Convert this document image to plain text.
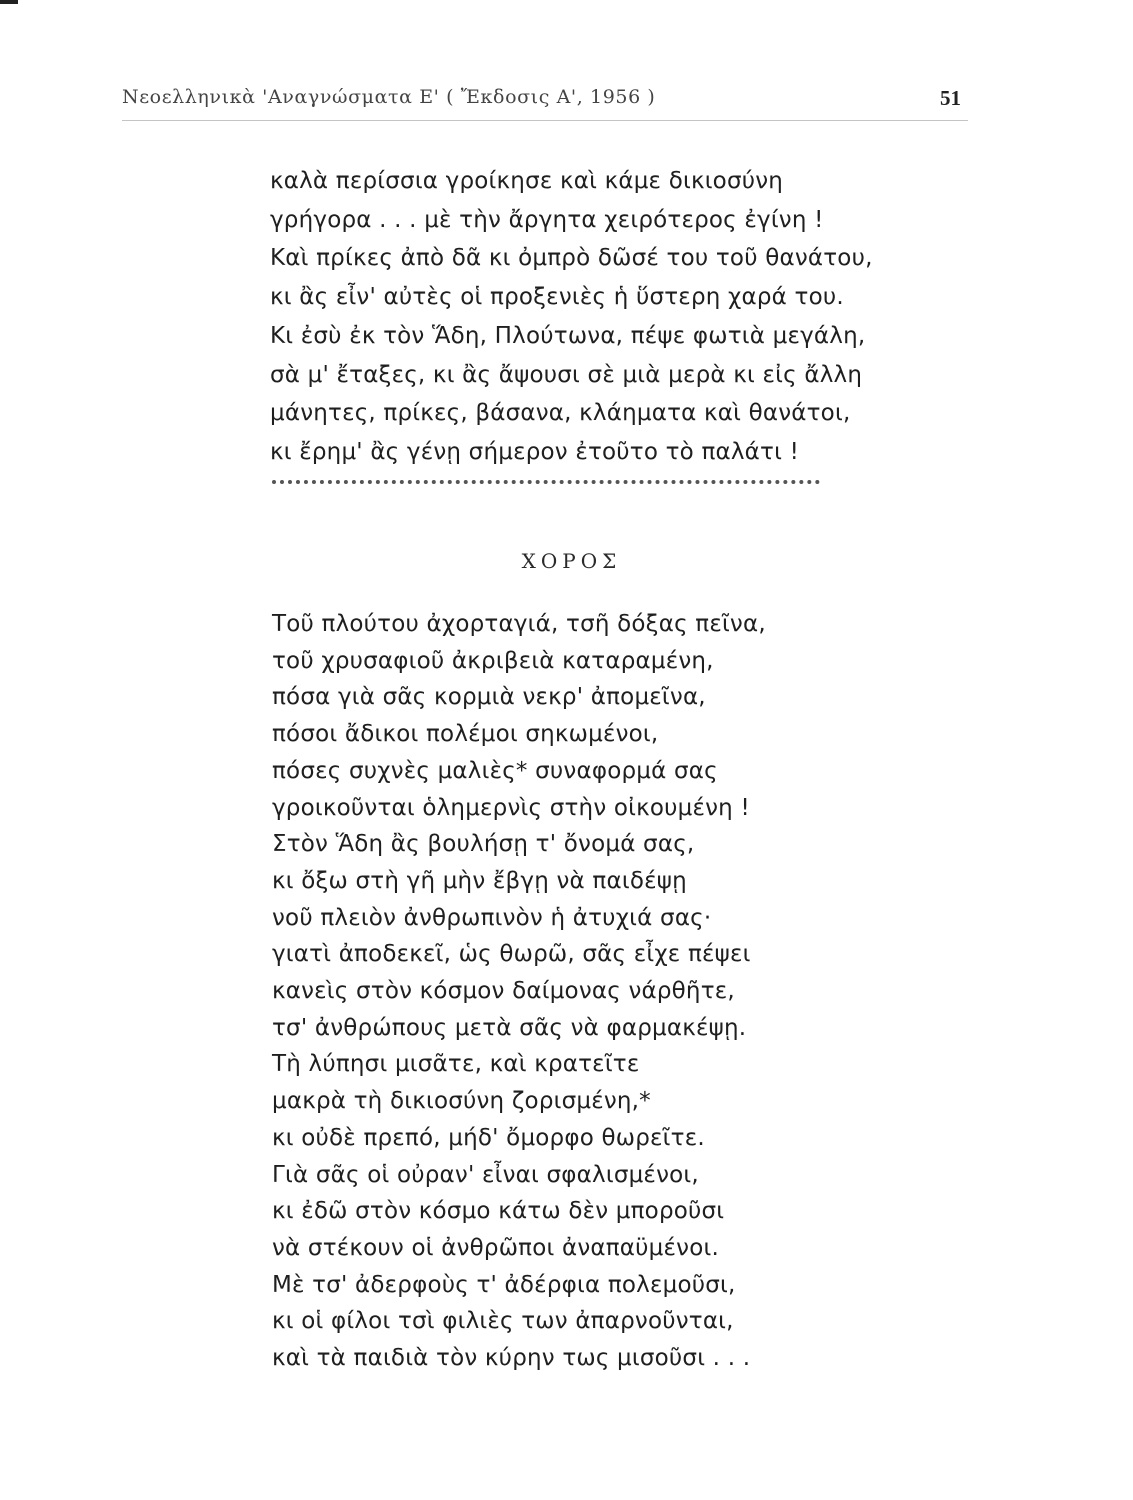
Νεοελληνικὰ 'Αναγνώσματα Ε' ( Ἔκδοσις Α', 1956 )	51
καλὰ περίσσια γροίκησε καὶ κάμε δικιοσύνη
γρήγορα . . . μὲ τὴν ἄργητα χειρότερος ἐγίνη !
Καὶ πρίκες ἀπὸ δᾶ κι ὀμπρὸ δῶσέ του τοῦ θανάτου,
κι ἂς εἶν' αὐτὲς οἱ προξενιὲς ἡ ὕστερη χαρά του.
Κι ἐσὺ ἐκ τὸν Ἅδη, Πλούτωνα, πέψε φωτιὰ μεγάλη,
σὰ μ' ἔταξες, κι ἂς ἄψουσι σὲ μιὰ μερὰ κι εἰς ἄλλη
μάνητες, πρίκες, βάσανα, κλάηματα καὶ θανάτοι,
κι ἔρημ' ἂς γένῃ σήμερον ἐτοῦτο τὸ παλάτι !
ΧΟΡΟΣ
Τοῦ πλούτου ἀχορταγιά, τσῆ δόξας πεῖνα,
τοῦ χρυσαφιοῦ ἀκριβειὰ καταραμένη,
πόσα γιὰ σᾶς κορμιὰ νεκρ' ἀπομεῖνα,
πόσοι ἄδικοι πολέμοι σηκωμένοι,
πόσες συχνὲς μαλιὲς* συναφορμά σας
γροικοῦνται ὁλημερνὶς στὴν οἰκουμένη !
Στὸν Ἅδη ἂς βουλήσῃ τ' ὄνομά σας,
κι ὄξω στὴ γῆ μὴν ἔβγῃ νὰ παιδέψῃ
νοῦ πλειὸν ἀνθρωπινὸν ἡ ἀτυχιά σας·
γιατὶ ἀποδεκεῖ, ὡς θωρῶ, σᾶς εἶχε πέψει
κανεὶς στὸν κόσμον δαίμονας νάρθῆτε,
τσ' ἀνθρώπους μετὰ σᾶς νὰ φαρμακέψῃ.
Τὴ λύπησι μισᾶτε, καὶ κρατεῖτε
μακρὰ τὴ δικιοσύνη ζορισμένη,*
κι οὐδὲ πρεπό, μήδ' ὄμορφο θωρεῖτε.
Γιὰ σᾶς οἱ οὐραν' εἶναι σφαλισμένοι,
κι ἐδῶ στὸν κόσμο κάτω δὲν μποροῦσι
νὰ στέκουν οἱ ἀνθρῶποι ἀναπαϋμένοι.
Μὲ τσ' ἀδερφοὺς τ' ἀδέρφια πολεμοῦσι,
κι οἱ φίλοι τσὶ φιλιὲς των ἀπαρνοῦνται,
καὶ τὰ παιδιὰ τὸν κύρην τως μισοῦσι . . .
